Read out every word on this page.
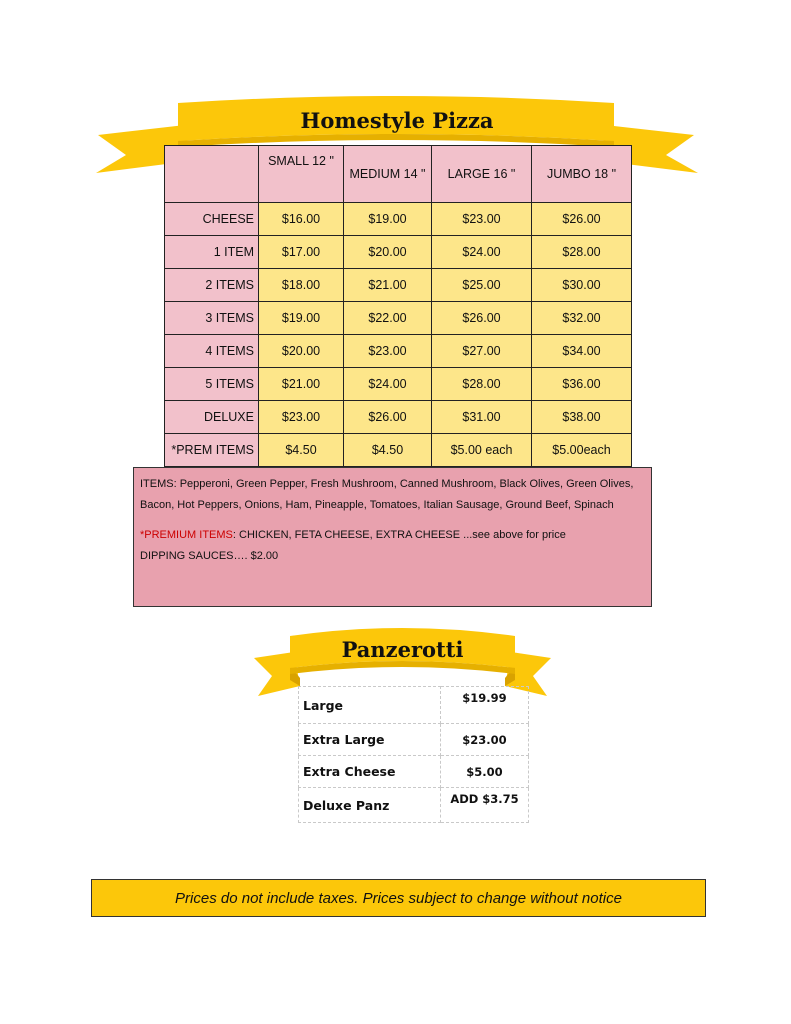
Homestyle Pizza
	SMALL 12 "	MEDIUM 14 "	LARGE 16 "	JUMBO 18 "
CHEESE	$16.00	$19.00	$23.00	$26.00
1 ITEM	$17.00	$20.00	$24.00	$28.00
2 ITEMS	$18.00	$21.00	$25.00	$30.00
3 ITEMS	$19.00	$22.00	$26.00	$32.00
4 ITEMS	$20.00	$23.00	$27.00	$34.00
5 ITEMS	$21.00	$24.00	$28.00	$36.00
DELUXE	$23.00	$26.00	$31.00	$38.00
*PREM ITEMS	$4.50	$4.50	$5.00 each	$5.00each

ITEMS: Pepperoni, Green Pepper, Fresh Mushroom, Canned Mushroom, Black Olives, Green Olives, Bacon, Hot Peppers, Onions, Ham, Pineapple, Tomatoes, Italian Sausage, Ground Beef, Spinach

*PREMIUM ITEMS: CHICKEN, FETA CHEESE, EXTRA CHEESE ...see above for price

DIPPING SAUCES…. $2.00

Panzerotti
Large	$19.99
Extra Large	$23.00
Extra Cheese	$5.00
Deluxe Panz	ADD $3.75
Prices do not include taxes. Prices subject to change without notice
